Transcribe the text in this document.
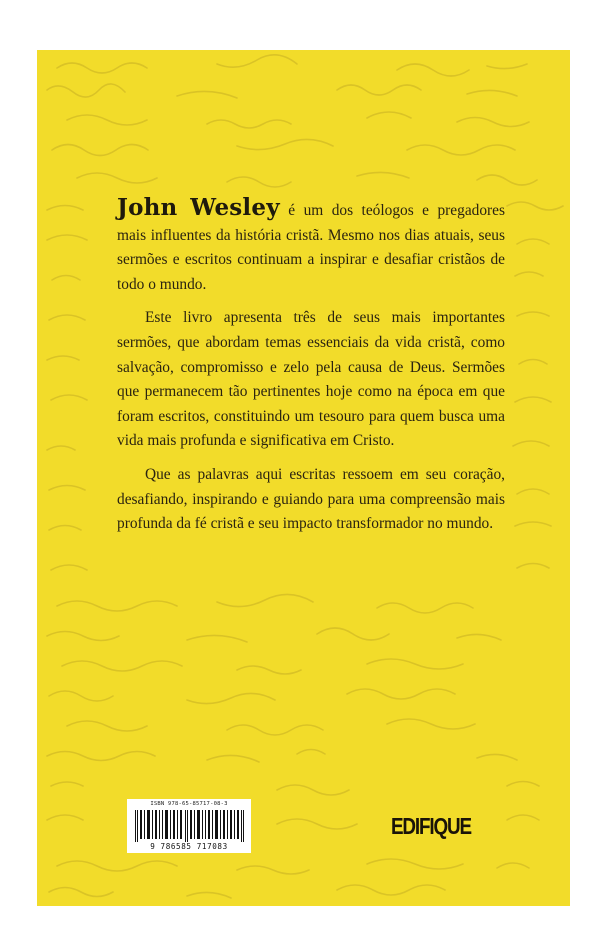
John Wesley é um dos teólogos e pregadores mais influentes da história cristã. Mesmo nos dias atuais, seus sermões e escritos continuam a inspirar e desafiar cristãos de todo o mundo.

Este livro apresenta três de seus mais importantes sermões, que abordam temas essenciais da vida cristã, como salvação, compromisso e zelo pela causa de Deus. Sermões que permanecem tão pertinentes hoje como na época em que foram escritos, constituindo um tesouro para quem busca uma vida mais profunda e significativa em Cristo.

Que as palavras aqui escritas ressoem em seu coração, desafiando, inspirando e guiando para uma compreensão mais profunda da fé cristã e seu impacto transformador no mundo.

ISBN 978-65-85717-08-3
9 786585 717083
EDIFIQUE
